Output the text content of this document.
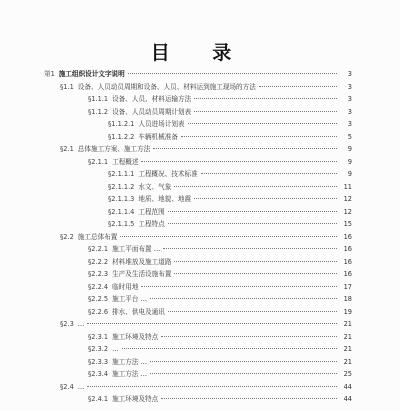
目 录
第1 施工组织设计文字说明	3
§1.1 设备、人员动员周期和设备、人员、材料运到施工现场的方法	3
§1.1.1 设备、人员、材料运输方法	3
§1.1.2 设备、人员动员周期计划表	3
§1.1.2.1 人员进场计划表	3
§1.1.2.2 车辆机械准备	5
§2.1 总体施工方案、施工方法	9
§2.1.1 工程概述	9
§2.1.1.1 工程概况、技术标准	9
§2.1.1.2 水文、气象	11
§2.1.1.3 地质、地貌、地震	12
§2.1.1.4 工程范围	12
§2.1.1.5 工程特点	15
§2.2 施工总体布置	16
§2.2.1 施工平面布置 …	16
§2.2.2 材料堆放及施工道路	16
§2.2.3 生产及生活设施布置	16
§2.2.4 临时用地	17
§2.2.5 施工平台 …	18
§2.2.6 排水、供电及通讯	19
§2.3 …	21
§2.3.1 施工环境及特点	21
§2.3.2 …	21
§2.3.3 施工方法 …	21
§2.3.4 施工方法 …	25
§2.4 …	44
§2.4.1 施工环境及特点	44
